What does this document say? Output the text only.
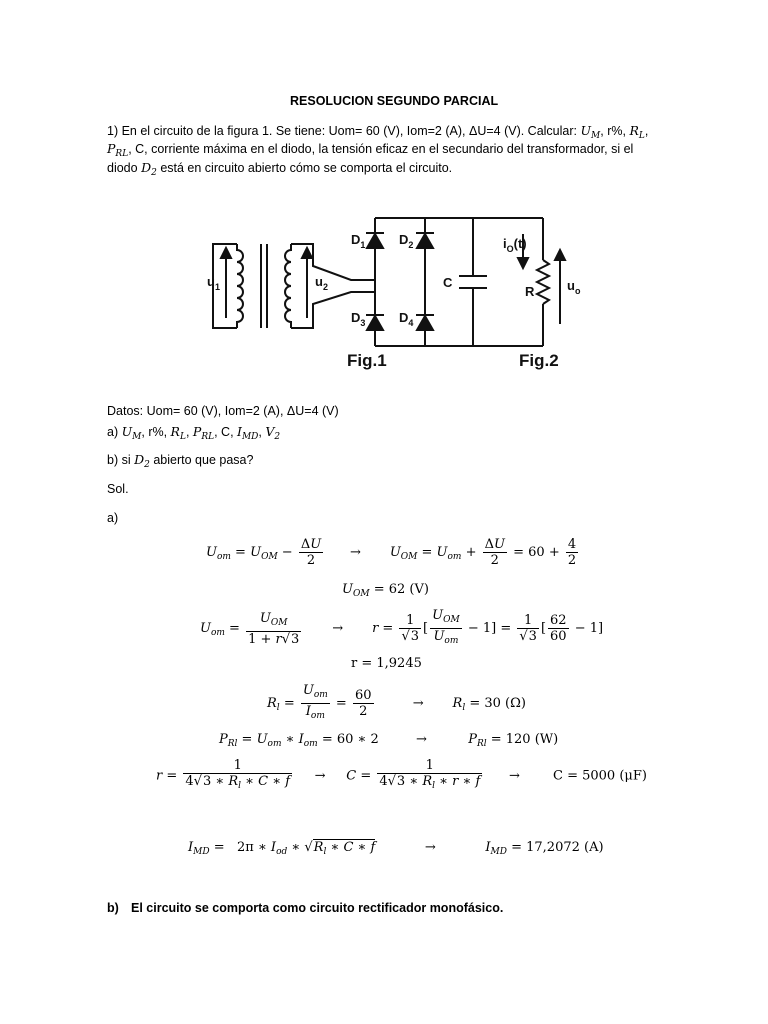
RESOLUCION SEGUNDO PARCIAL
1) En el circuito de la figura 1. Se tiene: Uom= 60 (V), Iom=2 (A), ΔU=4 (V). Calcular: $U_M$, r%, $R_L$,
$P_{RL}$, C, corriente máxima en el diodo, la tensión eficaz en el secundario del transformador, si el
diodo $D_2$ está en circuito abierto cómo se comporta el circuito.
$u_1$	$u_2$
$D_1$	$D_2$
$D_3$	$D_4$
C
R
$i_O(t)$
$u_o$
Fig.1	Fig.2
Datos: Uom= 60 (V), Iom=2 (A), ΔU=4 (V)
a) $U_M$, r%, $R_L$, $P_{RL}$, C, $I_{MD}$, $V_2$
b) si $D_2$ abierto que pasa?
Sol.
a)
$U_{om} = U_{OM} - \frac{\Delta U}{2}$ →       $U_{OM} = U_{om} + \frac{\Delta U}{2} = 60 + \frac{4}{2}$
$U_{OM} = 62$ (V)
$U_{om} = \frac{U_{OM}}{1 + r√3}$ →       $r = \frac{1}{√3}$ [ $\frac{U_{OM}}{U_{om}} - 1] = \frac{1}{√3}$ [ $\frac{62}{60} - 1$]
r = 1,9245
$R_l = \frac{U_{om}}{I_{om}} = \frac{60}{2}$ →       $R_l = 30$ (Ω)
$P_{Rl} = U_{om}$ ∗ $I_{om} = 60$ ∗ 2         →          $P_{Rl} = 120$ (W)
$r = \frac{1}{4√3 ∗ R_l ∗ C ∗ f}$ →     $C = \frac{1}{4√3 ∗ R_l ∗ r ∗ f}$ →        C = 5000 (μF)
$I_{MD} = 2\pi$ ∗ $I_{od}$ ∗ $√R_l$ ∗ C ∗ f            →            $I_{MD} = 17,2072$ (A)
b) El circuito se comporta como circuito rectificador monofásico.
